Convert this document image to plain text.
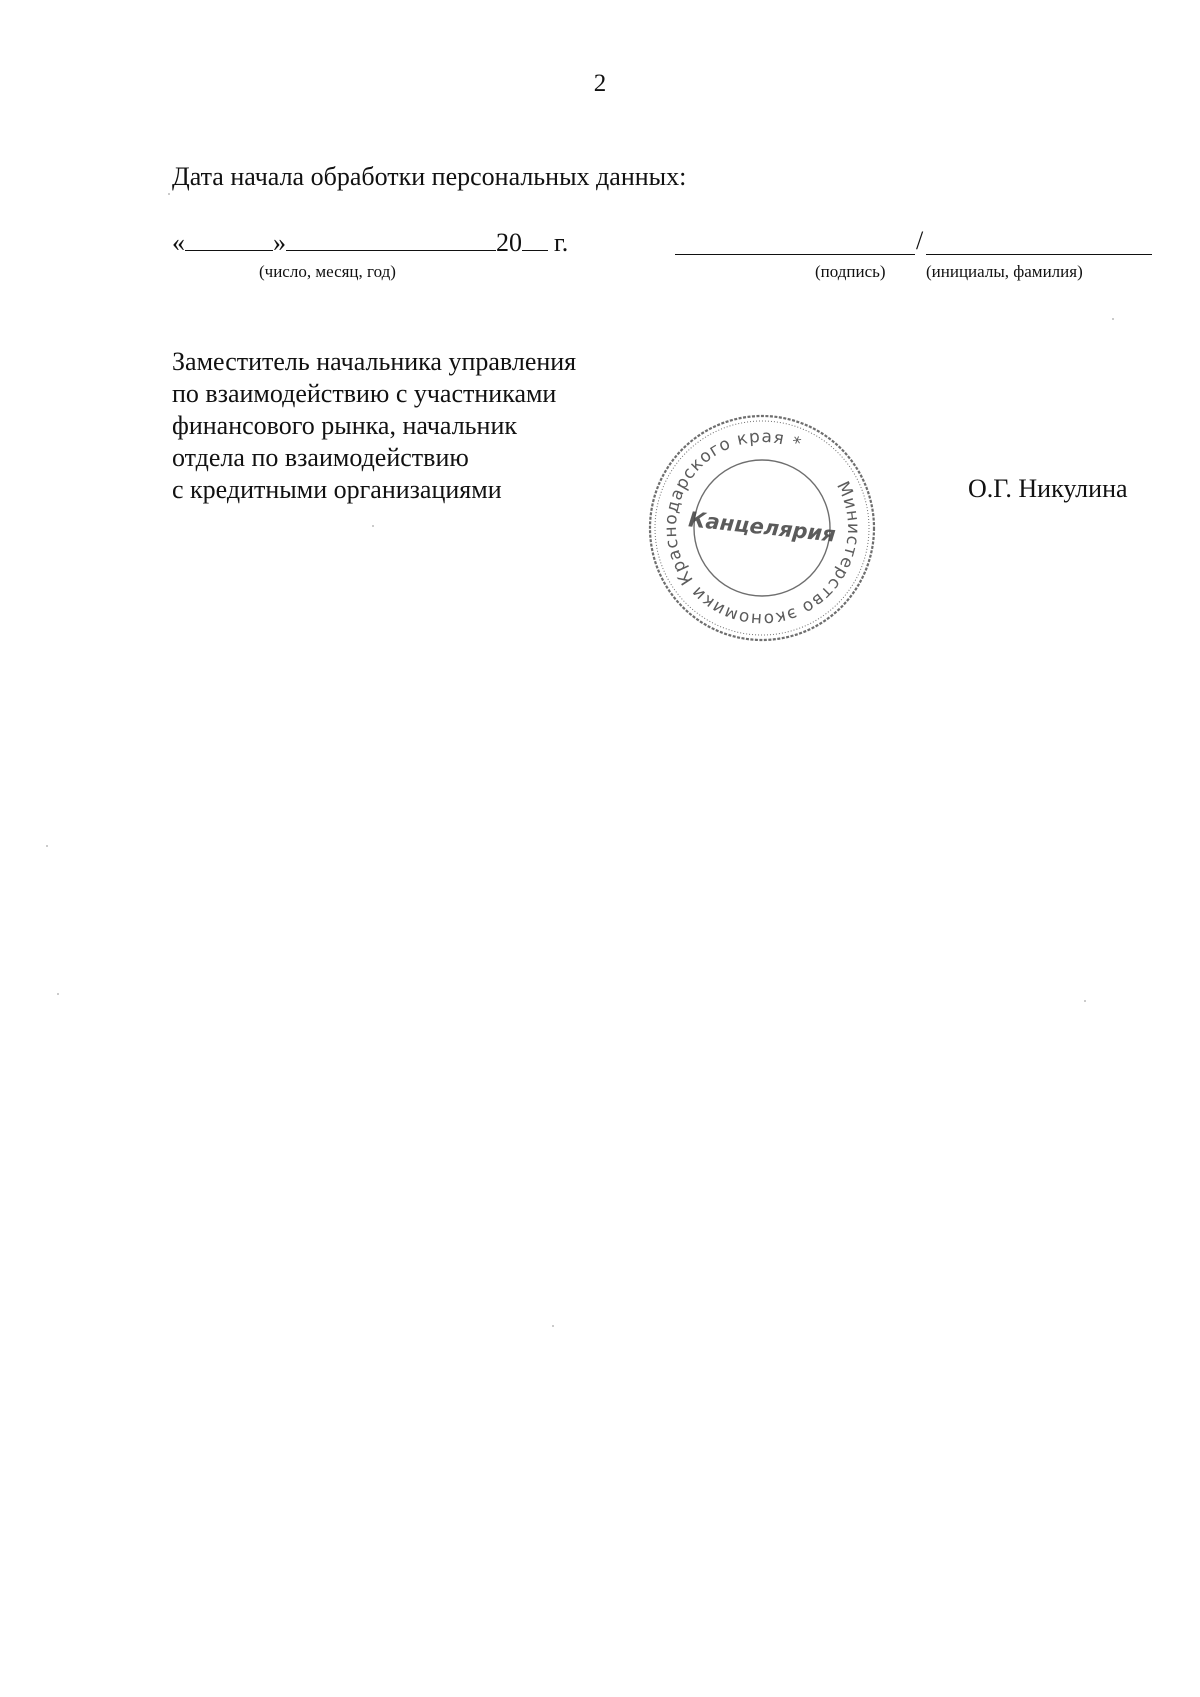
2
Дата начала обработки персональных данных:
«	»	20 г.
(число, месяц, год)
/
(подпись) (инициалы, фамилия)
Заместитель начальника управления
по взаимодействию с участниками
финансового рынка, начальник
отдела по взаимодействию
с кредитными организациями	О.Г. Никулина
Министерство экономики Краснодарского края *
Канцелярия
